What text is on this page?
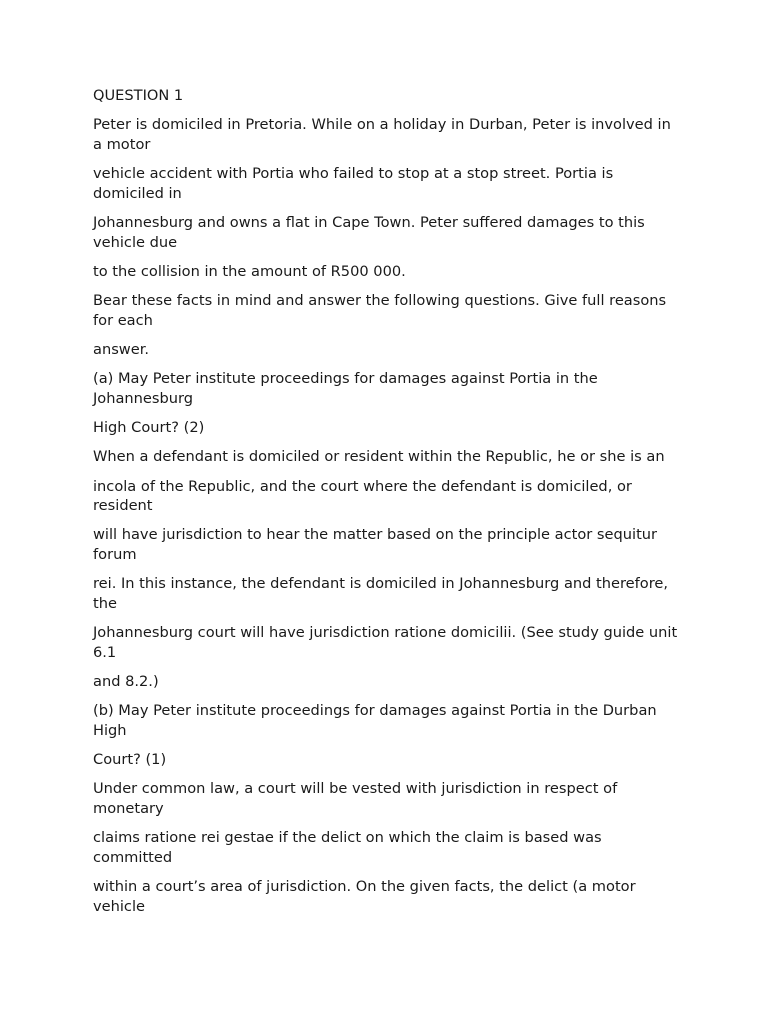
QUESTION 1

Peter is domiciled in Pretoria. While on a holiday in Durban, Peter is involved in a motor

vehicle accident with Portia who failed to stop at a stop street. Portia is domiciled in

Johannesburg and owns a flat in Cape Town. Peter suffered damages to this vehicle due

to the collision in the amount of R500 000.

Bear these facts in mind and answer the following questions. Give full reasons for each

answer.

(a) May Peter institute proceedings for damages against Portia in the Johannesburg

High Court? (2)

When a defendant is domiciled or resident within the Republic, he or she is an

incola of the Republic, and the court where the defendant is domiciled, or resident

will have jurisdiction to hear the matter based on the principle actor sequitur forum

rei. In this instance, the defendant is domiciled in Johannesburg and therefore, the

Johannesburg court will have jurisdiction ratione domicilii. (See study guide unit 6.1

and 8.2.)

(b) May Peter institute proceedings for damages against Portia in the Durban High

Court? (1)

Under common law, a court will be vested with jurisdiction in respect of monetary

claims ratione rei gestae if the delict on which the claim is based was committed

within a court’s area of jurisdiction. On the given facts, the delict (a motor vehicle
